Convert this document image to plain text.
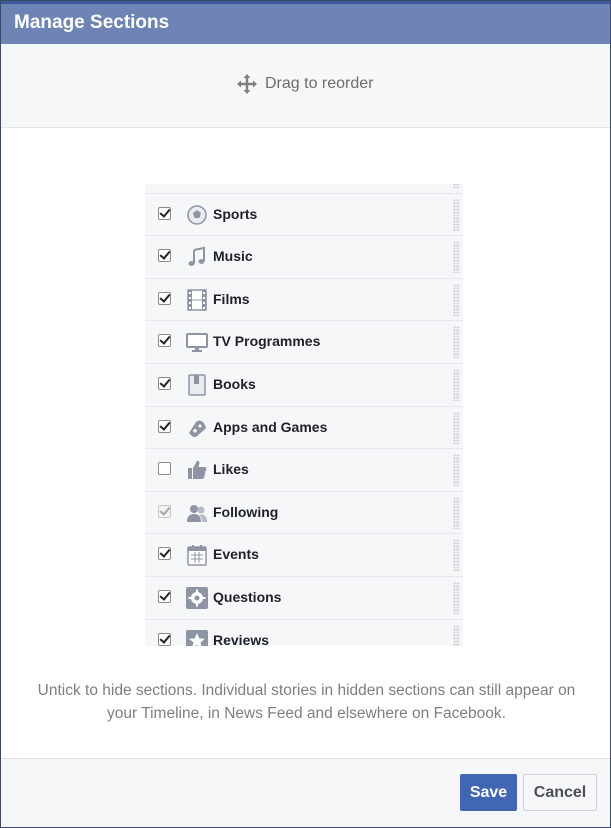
Manage Sections
Drag to reorder
Sports
Music
Films
TV Programmes
Books
Apps and Games
Likes
Following
Events
Questions
Reviews
Untick to hide sections. Individual stories in hidden sections can still appear on your Timeline, in News Feed and elsewhere on Facebook.
Save	Cancel
